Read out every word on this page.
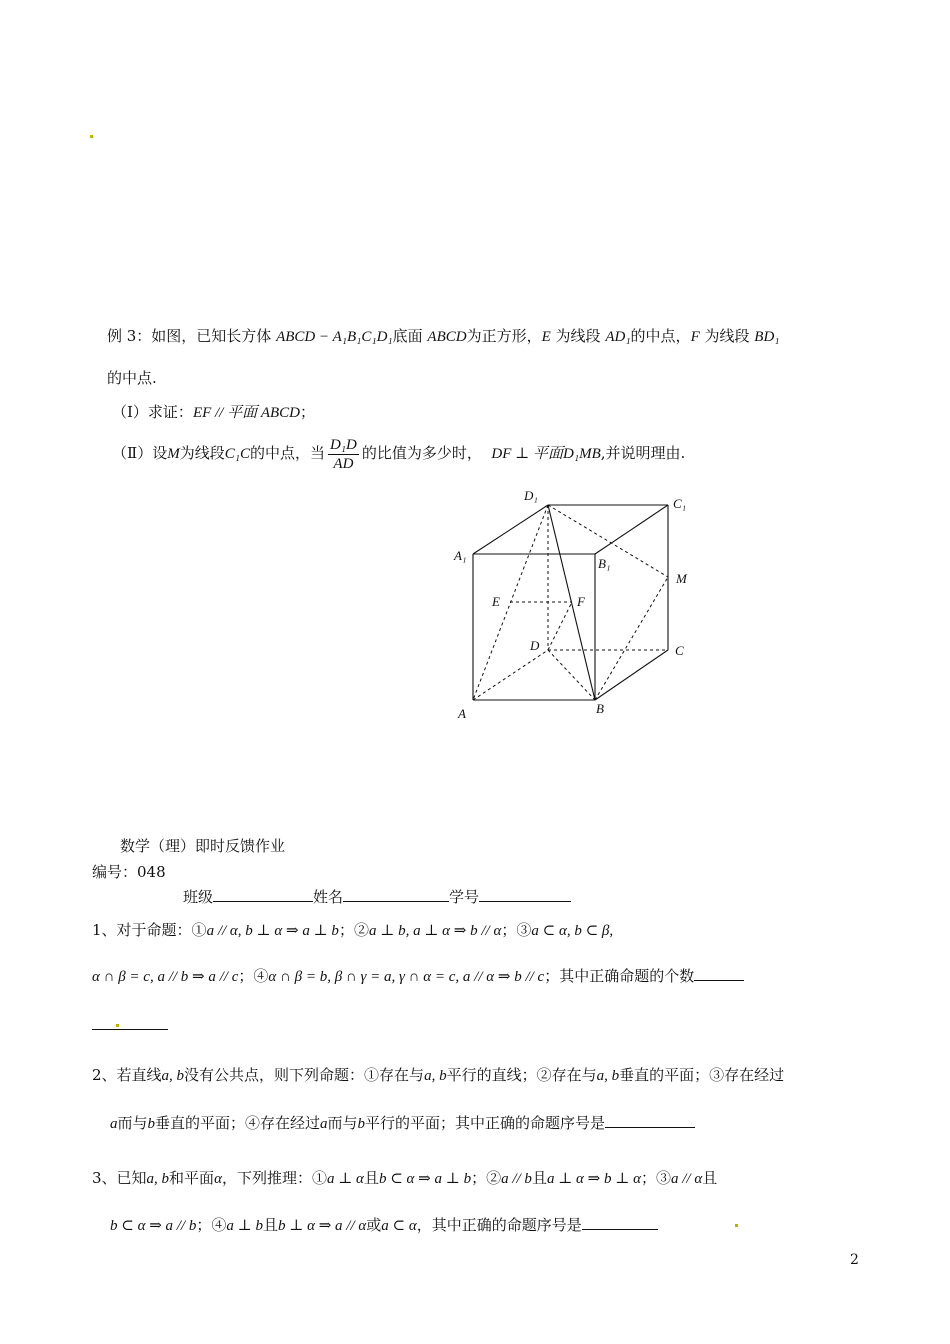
例 3：如图，已知长方体 ABCD − A₁B₁C₁D₁底面 ABCD为正方形，E 为线段 AD₁的中点，F 为线段 BD₁
的中点.
（Ⅰ）求证：EF // 平面 ABCD；
（Ⅱ）设M为线段C₁C的中点，当 $\frac{\text{D₁D}}{AD}$ 的比值为多少时， DF ⊥ 平面D₁MB,并说明理由.
D₁
C₁
A₁
B₁
M
E	F
D	C
A	B
数学（理）即时反馈作业
编号：048
班级	姓名	学号
1、对于命题：①a // α, b ⊥ α ⇒ a ⊥ b；②a ⊥ b, a ⊥ α ⇒ b // α；③a ⊂ α, b ⊂ β,
α ∩ β = c, a // b ⇒ a // c；④α ∩ β = b, β ∩ γ = a, γ ∩ α = c, a // α ⇒ b // c；其中正确命题的个数
2、若直线a, b没有公共点，则下列命题：①存在与a, b平行的直线；②存在与a, b垂直的平面；③存在经过
a而与b垂直的平面；④存在经过a而与b平行的平面；其中正确的命题序号是
3、已知a, b和平面α，下列推理：①a ⊥ α且b ⊂ α ⇒ a ⊥ b；②a // b且a ⊥ α ⇒ b ⊥ α；③a // α且
b ⊂ α ⇒ a // b；④a ⊥ b且b ⊥ α ⇒ a // α或a ⊂ α，其中正确的命题序号是
2
